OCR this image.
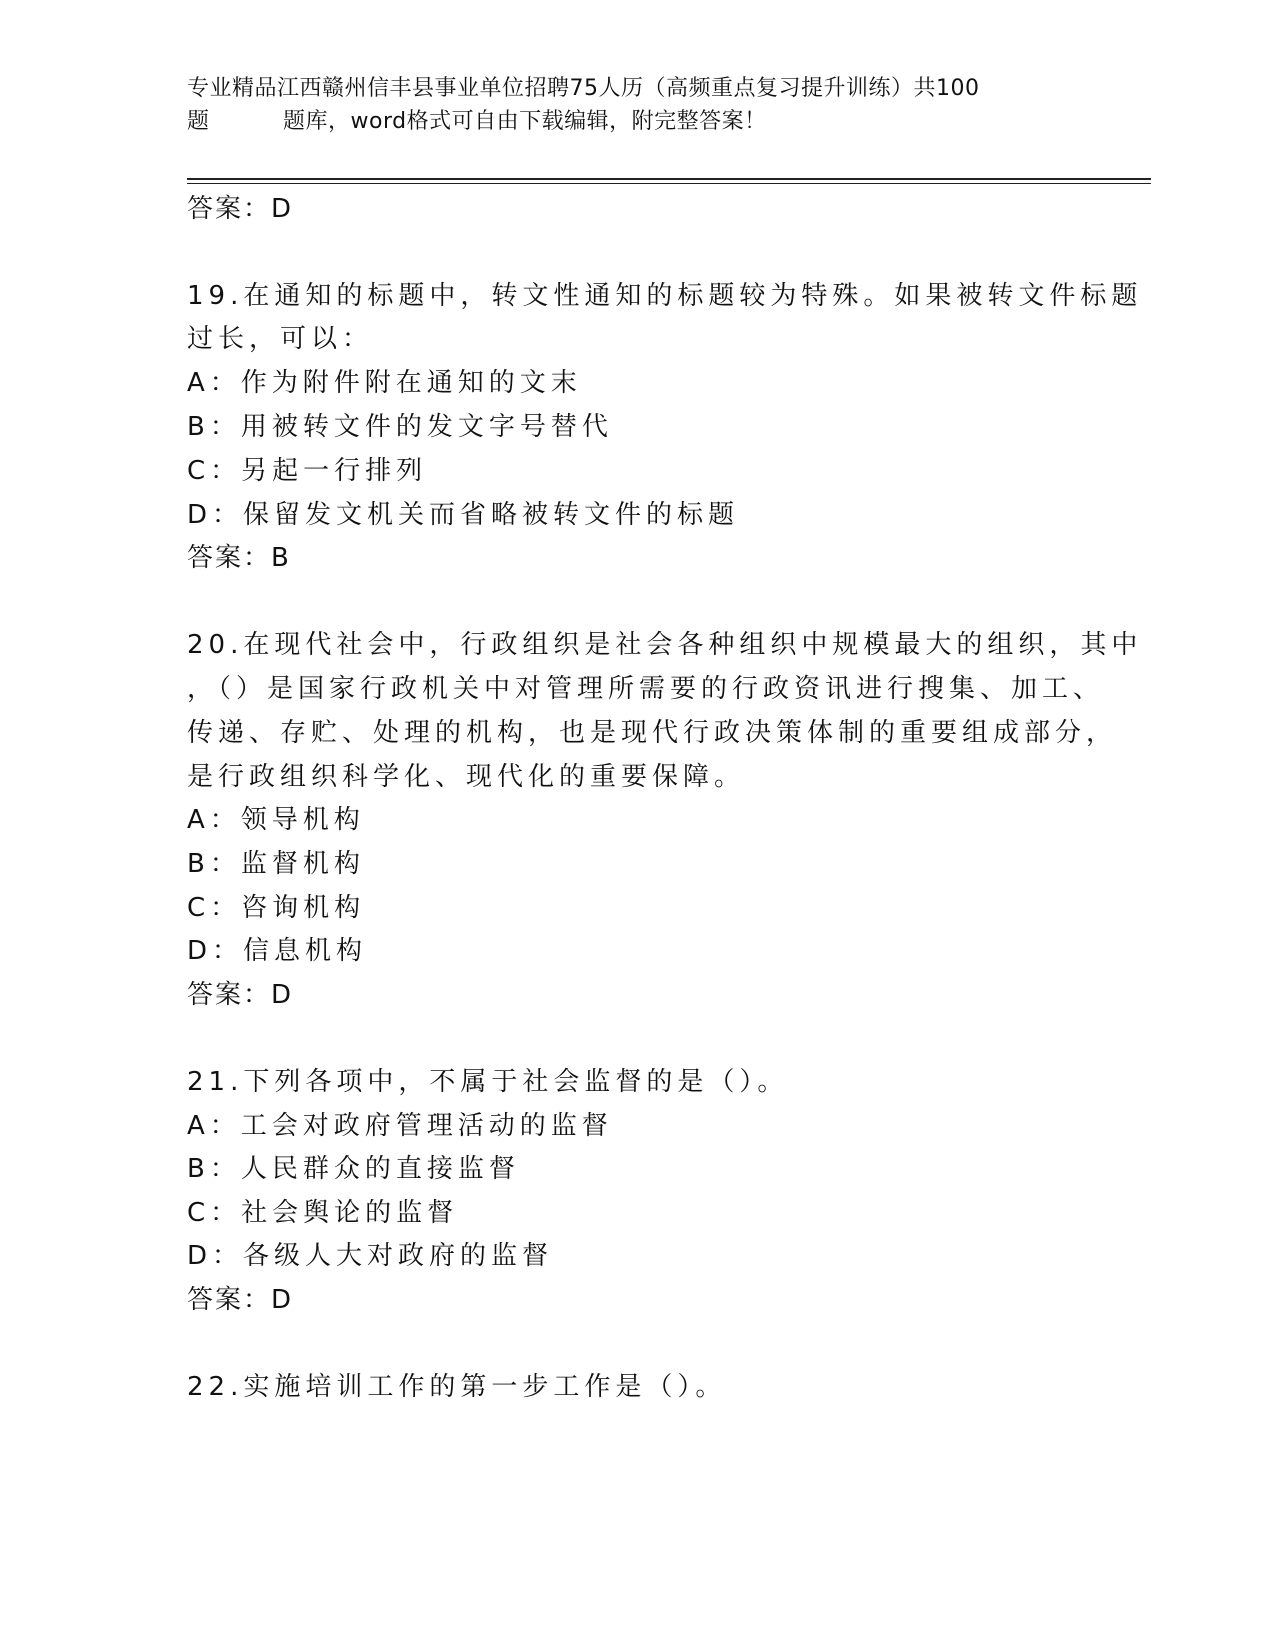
专业精品江西赣州信丰县事业单位招聘75人历（高频重点复习提升训练）共100
题	题库，word格式可自由下载编辑，附完整答案！
答案：D
19.在通知的标题中，转文性通知的标题较为特殊。如果被转文件标题
过长，可以：
A：作为附件附在通知的文末
B：用被转文件的发文字号替代
C：另起一行排列
D：保留发文机关而省略被转文件的标题
答案：B
20.在现代社会中，行政组织是社会各种组织中规模最大的组织，其中
，（）是国家行政机关中对管理所需要的行政资讯进行搜集、加工、
传递、存贮、处理的机构，也是现代行政决策体制的重要组成部分，
是行政组织科学化、现代化的重要保障。
A：领导机构
B：监督机构
C：咨询机构
D：信息机构
答案：D
21.下列各项中，不属于社会监督的是（）。
A：工会对政府管理活动的监督
B：人民群众的直接监督
C：社会舆论的监督
D：各级人大对政府的监督
答案：D
22.实施培训工作的第一步工作是（）。
